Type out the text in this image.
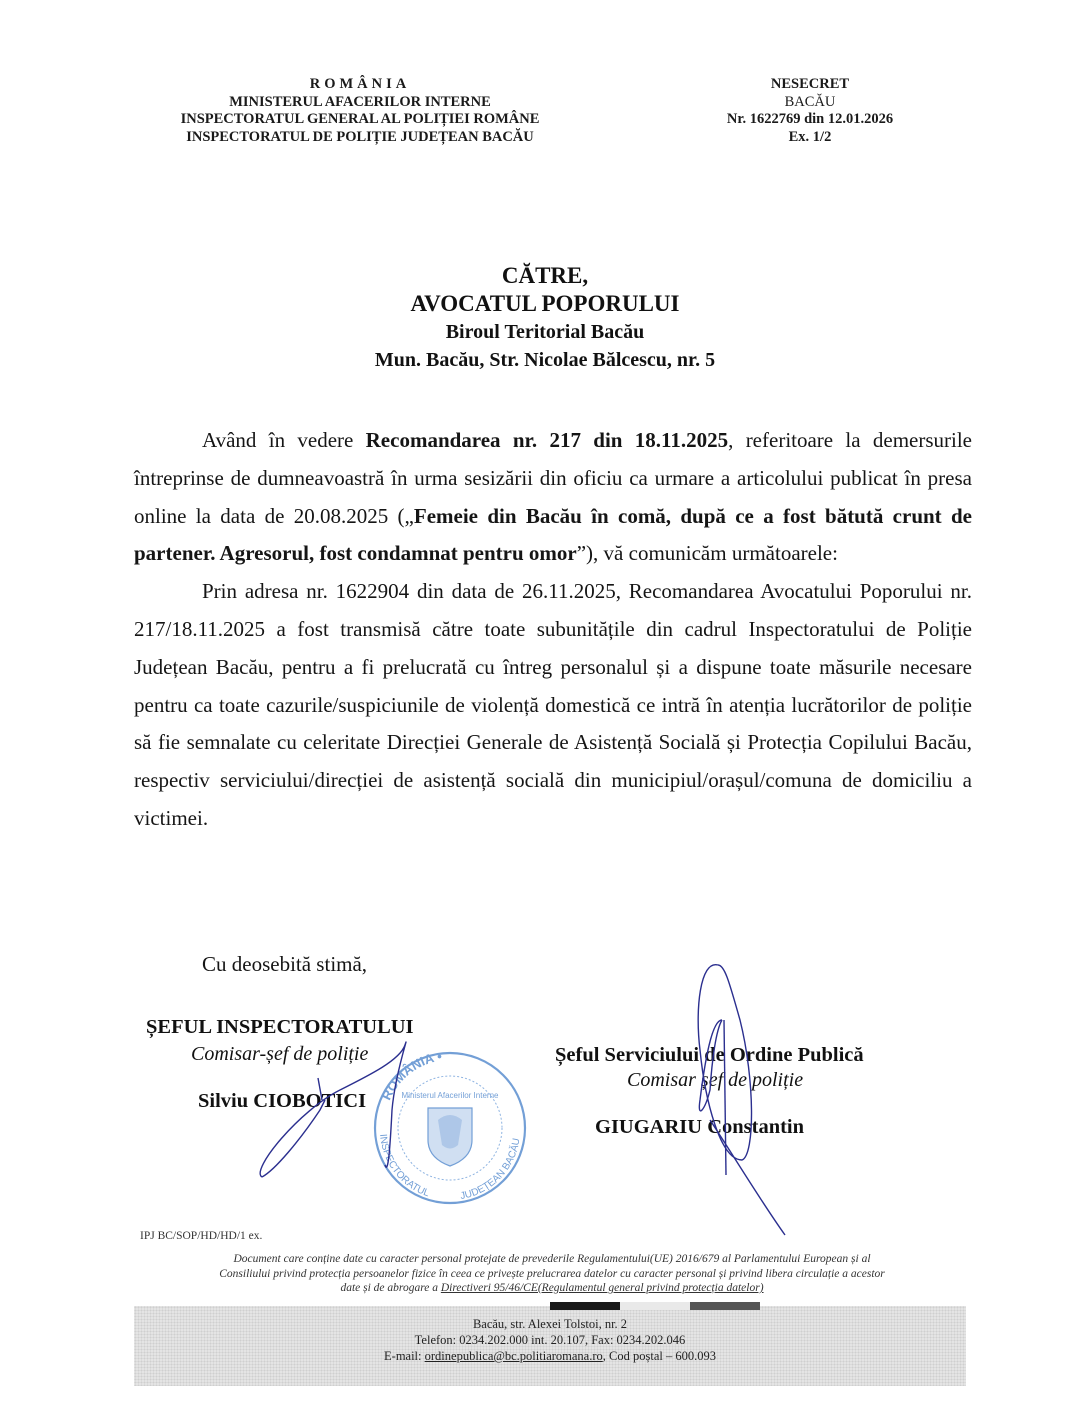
ROMÂNIA
MINISTERUL AFACERILOR INTERNE
INSPECTORATUL GENERAL AL POLIȚIEI ROMÂNE
INSPECTORATUL DE POLIȚIE JUDEȚEAN BACĂU
NESECRET
BACĂU
Nr. 1622769 din 12.01.2026
Ex. 1/2
CĂTRE,
AVOCATUL POPORULUI
Biroul Teritorial Bacău
Mun. Bacău, Str. Nicolae Bălcescu, nr. 5

Având în vedere Recomandarea nr. 217 din 18.11.2025, referitoare la demersurile întreprinse de dumneavoastră în urma sesizării din oficiu ca urmare a articolului publicat în presa online la data de 20.08.2025 („Femeie din Bacău în comă, după ce a fost bătută crunt de partener. Agresorul, fost condamnat pentru omor”), vă comunicăm următoarele:

Prin adresa nr. 1622904 din data de 26.11.2025, Recomandarea Avocatului Poporului nr. 217/18.11.2025 a fost transmisă către toate subunitățile din cadrul Inspectoratului de Poliție Județean Bacău, pentru a fi prelucrată cu întreg personalul și a dispune toate măsurile necesare pentru ca toate cazurile/suspiciunile de violență domestică ce intră în atenția lucrătorilor de poliție să fie semnalate cu celeritate Direcției Generale de Asistență Socială și Protecția Copilului Bacău, respectiv serviciului/direcției de asistență socială din municipiul/orașul/comuna de domiciliu a victimei.

Cu deosebită stimă,
ȘEFUL INSPECTORATULUI
Comisar-șef de poliție
Silviu CIOBOTICI
Șeful Serviciului de Ordine Publică
Comisar șef de poliție
GIUGARIU Constantin
ROMÂNIA •
Ministerul Afacerilor Interne
INSPECTORATUL	JUDEȚEAN BACĂU
IPJ BC/SOP/HD/HD/1 ex.
Document care conține date cu caracter personal protejate de prevederile Regulamentului(UE) 2016/679 al Parlamentului European și al
Consiliului privind protecția persoanelor fizice în ceea ce privește prelucrarea datelor cu caracter personal și privind libera circulație a acestor
date și de abrogare a Directiveri 95/46/CE(Regulamentul general privind protecția datelor)
Bacău, str. Alexei Tolstoi, nr. 2
Telefon: 0234.202.000 int. 20.107, Fax: 0234.202.046
E-mail: ordinepublica@bc.politiaromana.ro, Cod poștal – 600.093
